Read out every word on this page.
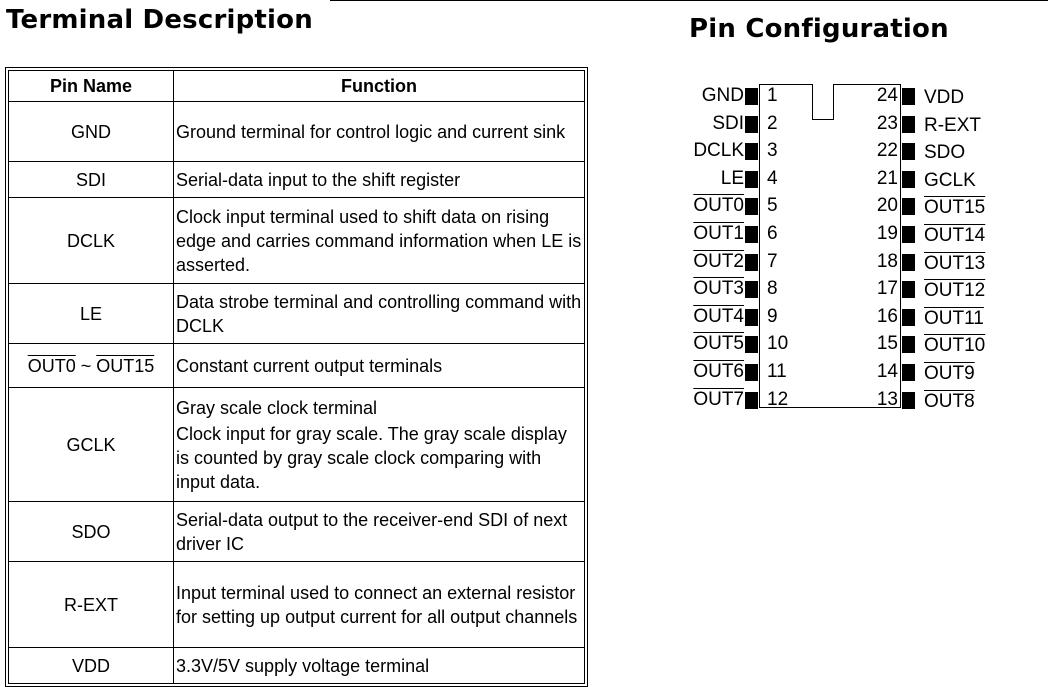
Terminal Description	Pin Configuration
Pin Name	Function
GND	Ground terminal for control logic and current sink

SDI	Serial-data input to the shift register

DCLK	Clock input terminal used to shift data on rising edge and carries command information when LE is asserted.

LE	Data strobe terminal and controlling command with DCLK

OUT0 ~ OUT15	Constant current output terminals

GCLK	Gray scale clock terminal
Clock input for gray scale. The gray scale display is counted by gray scale clock comparing with input data.

SDO	Serial-data output to the receiver-end SDI of next driver IC

R-EXT	Input terminal used to connect an external resistor for setting up output current for all output channels

VDD	3.3V/5V supply voltage terminal
GND 1
SDI 2
DCLK 3
LE 4
OUT0 5
OUT1 6
OUT2 7
OUT3 8
OUT4 9
OUT5 10
OUT6 11
OUT7 12
24 VDD
23 R-EXT
22 SDO
21 GCLK
20 OUT15
19 OUT14
18 OUT13
17 OUT12
16 OUT11
15 OUT10
14 OUT9
13 OUT8
